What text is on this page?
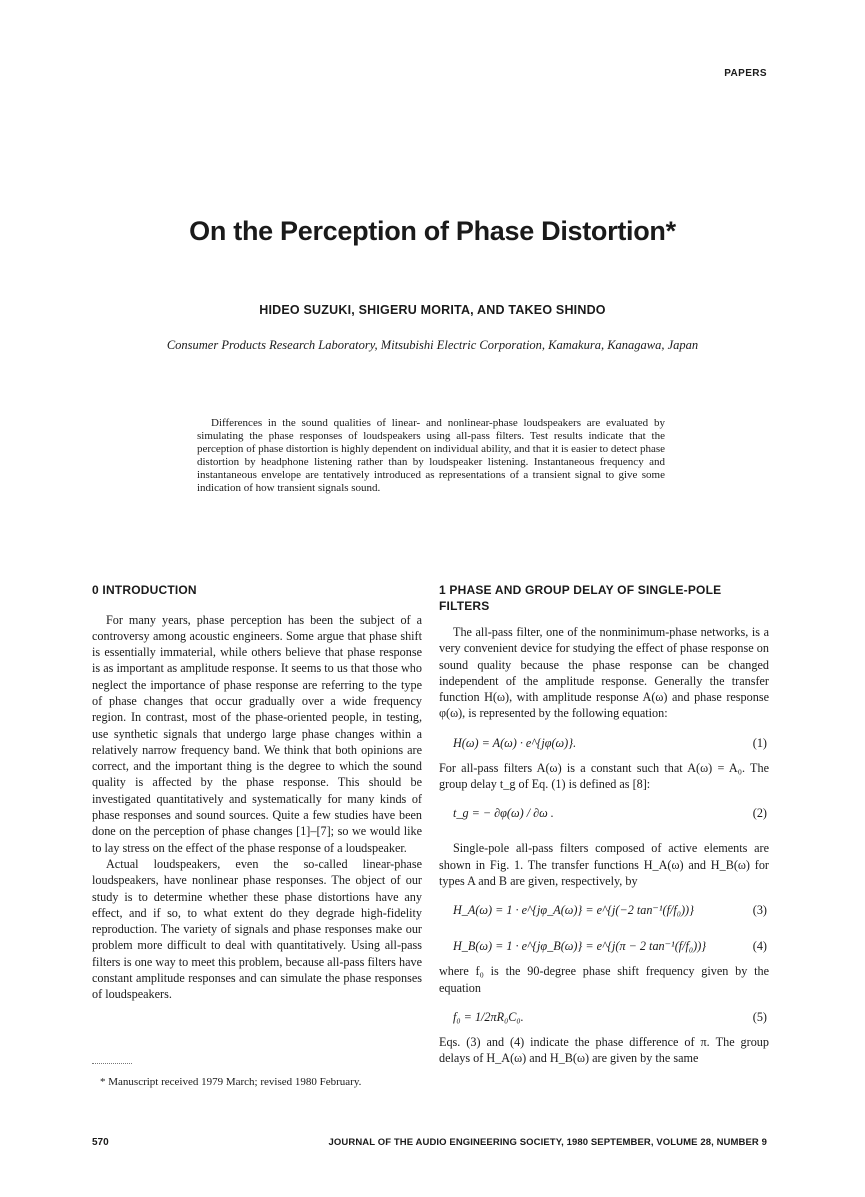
PAPERS
On the Perception of Phase Distortion*
HIDEO SUZUKI, SHIGERU MORITA, AND TAKEO SHINDO
Consumer Products Research Laboratory, Mitsubishi Electric Corporation, Kamakura, Kanagawa, Japan

Differences in the sound qualities of linear- and nonlinear-phase loudspeakers are evaluated by simulating the phase responses of loudspeakers using all-pass filters. Test results indicate that the perception of phase distortion is highly dependent on individual ability, and that it is easier to detect phase distortion by headphone listening rather than by loudspeaker listening. Instantaneous frequency and instantaneous envelope are tentatively introduced as representations of a transient signal to give some indication of how transient signals sound.

0 INTRODUCTION

For many years, phase perception has been the subject of a controversy among acoustic engineers. Some argue that phase shift is essentially immaterial, while others believe that phase response is as important as amplitude response. It seems to us that those who neglect the importance of phase response are referring to the type of phase changes that occur gradually over a wide frequency region. In contrast, most of the phase-oriented people, in testing, use synthetic signals that undergo large phase changes within a relatively narrow frequency band. We think that both opinions are correct, and the important thing is the degree to which the sound quality is affected by the phase response. This should be investigated quantitatively and systematically for many kinds of phase responses and sound sources. Quite a few studies have been done on the perception of phase changes [1]–[7]; so we would like to lay stress on the effect of the phase response of a loudspeaker.

Actual loudspeakers, even the so-called linear-phase loudspeakers, have nonlinear phase responses. The object of our study is to determine whether these phase distortions have any effect, and if so, to what extent do they degrade high-fidelity reproduction. The variety of signals and phase responses make our problem more difficult to deal with quantitatively. Using all-pass filters is one way to meet this problem, because all-pass filters have constant amplitude responses and can simulate the phase responses of loudspeakers.

1 PHASE AND GROUP DELAY OF SINGLE-POLE FILTERS

The all-pass filter, one of the nonminimum-phase networks, is a very convenient device for studying the effect of phase response on sound quality because the phase response can be changed independent of the amplitude response. Generally the transfer function H(ω), with amplitude response A(ω) and phase response φ(ω), is represented by the following equation:

H(ω) = A(ω) · e^{jφ(ω)}.	(1)

For all-pass filters A(ω) is a constant such that A(ω) = A₀. The group delay t_g of Eq. (1) is defined as [8]:

t_g = − ∂φ(ω) / ∂ω .	(2)

Single-pole all-pass filters composed of active elements are shown in Fig. 1. The transfer functions H_A(ω) and H_B(ω) for types A and B are given, respectively, by

H_A(ω) = 1 · e^{jφ_A(ω)} = e^{j(−2 tan⁻¹(f/f₀))}	(3)
H_B(ω) = 1 · e^{jφ_B(ω)} = e^{j(π − 2 tan⁻¹(f/f₀))}	(4)

where f₀ is the 90-degree phase shift frequency given by the equation

f₀ = 1/2πR₀C₀.	(5)

Eqs. (3) and (4) indicate the phase difference of π. The group delays of H_A(ω) and H_B(ω) are given by the same

* Manuscript received 1979 March; revised 1980 February.
570	JOURNAL OF THE AUDIO ENGINEERING SOCIETY, 1980 SEPTEMBER, VOLUME 28, NUMBER 9
